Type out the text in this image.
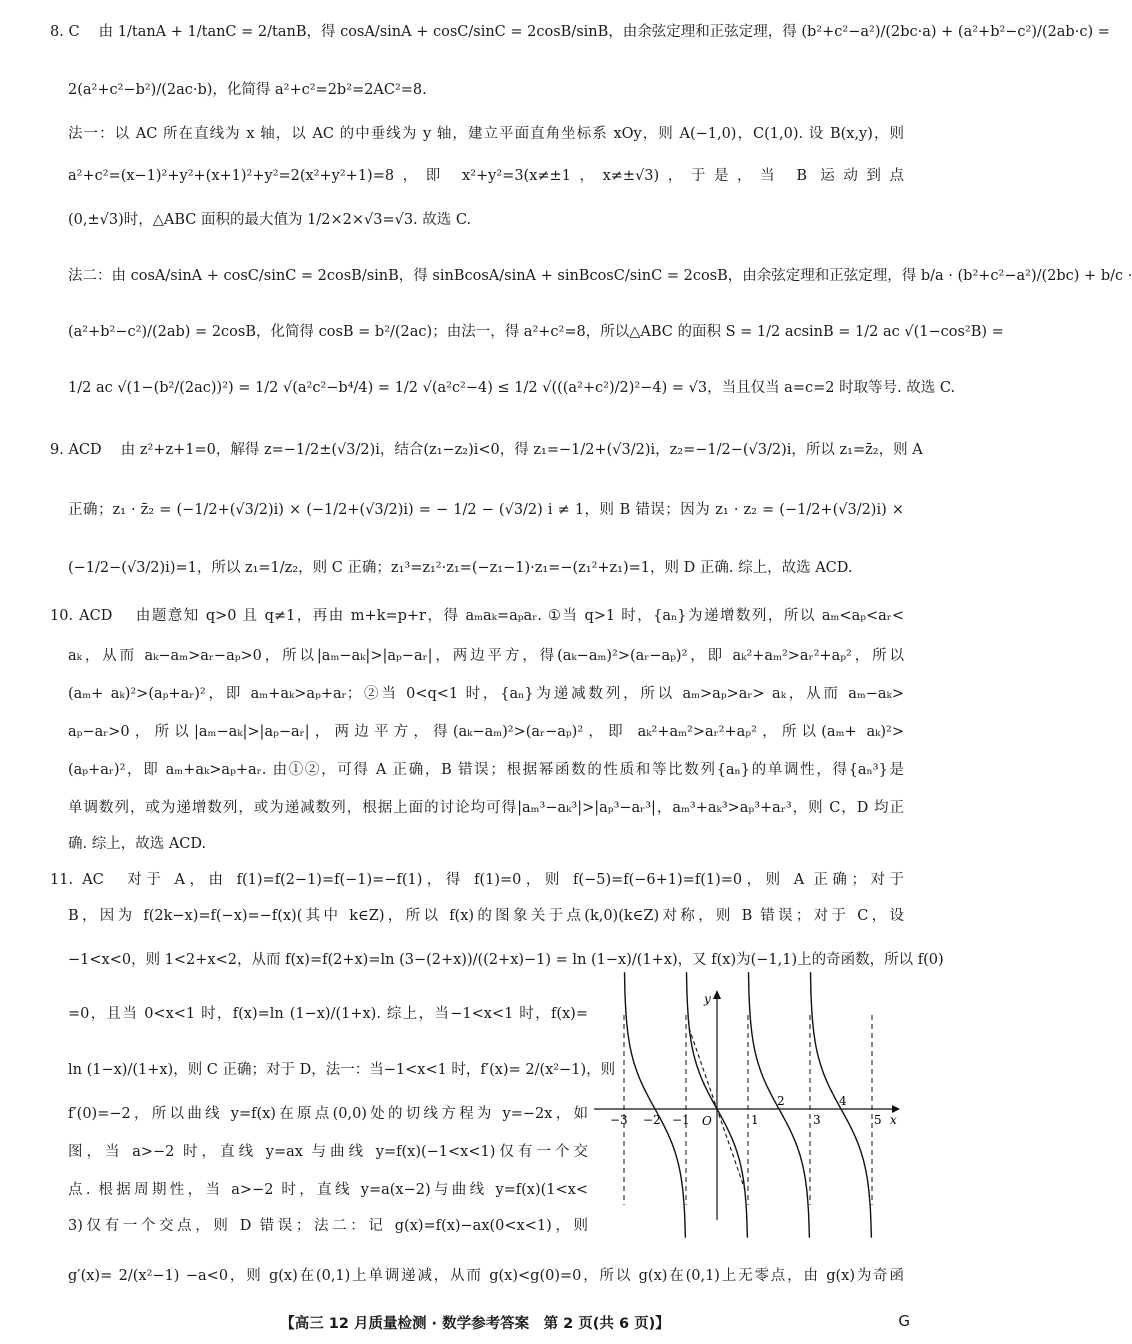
8. C　 由 1/tanA + 1/tanC = 2/tanB，得 cosA/sinA + cosC/sinC = 2cosB/sinB，由余弦定理和正弦定理，得 (b²+c²−a²)/(2bc·a) + (a²+b²−c²)/(2ab·c) =
2(a²+c²−b²)/(2ac·b)，化简得 a²+c²=2b²=2AC²=8.
法一：以 AC 所在直线为 x 轴，以 AC 的中垂线为 y 轴，建立平面直角坐标系 xOy，则 A(−1,0)，C(1,0). 设 B(x,y)，则
a²+c²=(x−1)²+y²+(x+1)²+y²=2(x²+y²+1)=8，即 x²+y²=3(x≠±1，x≠±√3)，于是，当 B 运动到点
(0,±√3)时，△ABC 面积的最大值为 1/2×2×√3=√3. 故选 C.
法二：由 cosA/sinA + cosC/sinC = 2cosB/sinB，得 sinBcosA/sinA + sinBcosC/sinC = 2cosB，由余弦定理和正弦定理，得 b/a · (b²+c²−a²)/(2bc) + b/c ·
(a²+b²−c²)/(2ab) = 2cosB，化简得 cosB = b²/(2ac)；由法一，得 a²+c²=8，所以△ABC 的面积 S = 1/2 acsinB = 1/2 ac √(1−cos²B) =
1/2 ac √(1−(b²/(2ac))²) = 1/2 √(a²c²−b⁴/4) = 1/2 √(a²c²−4) ≤ 1/2 √(((a²+c²)/2)²−4) = √3，当且仅当 a=c=2 时取等号. 故选 C.
9. ACD　 由 z²+z+1=0，解得 z=−1/2±(√3/2)i，结合(z₁−z₂)i<0，得 z₁=−1/2+(√3/2)i，z₂=−1/2−(√3/2)i，所以 z₁=z̄₂，则 A
正确；z₁ · z̄₂ = (−1/2+(√3/2)i) × (−1/2+(√3/2)i) = − 1/2 − (√3/2) i ≠ 1，则 B 错误；因为 z₁ · z₂ = (−1/2+(√3/2)i) ×
(−1/2−(√3/2)i)=1，所以 z₁=1/z₂，则 C 正确；z₁³=z₁²·z₁=(−z₁−1)·z₁=−(z₁²+z₁)=1，则 D 正确. 综上，故选 ACD.
10. ACD　 由题意知 q>0 且 q≠1，再由 m+k=p+r，得 aₘaₖ=aₚaᵣ. ①当 q>1 时，{aₙ}为递增数列，所以 aₘ<aₚ<aᵣ<
aₖ，从而 aₖ−aₘ>aᵣ−aₚ>0，所以|aₘ−aₖ|>|aₚ−aᵣ|，两边平方，得(aₖ−aₘ)²>(aᵣ−aₚ)²，即 aₖ²+aₘ²>aᵣ²+aₚ²，所以
(aₘ+ aₖ)²>(aₚ+aᵣ)²，即 aₘ+aₖ>aₚ+aᵣ；②当 0<q<1 时，{aₙ}为递减数列，所以 aₘ>aₚ>aᵣ> aₖ，从而 aₘ−aₖ>
aₚ−aᵣ>0，所以|aₘ−aₖ|>|aₚ−aᵣ|，两边平方，得(aₖ−aₘ)²>(aᵣ−aₚ)²，即 aₖ²+aₘ²>aᵣ²+aₚ²，所以(aₘ+ aₖ)²>
(aₚ+aᵣ)²，即 aₘ+aₖ>aₚ+aᵣ. 由①②，可得 A 正确，B 错误；根据幂函数的性质和等比数列{aₙ}的单调性，得{aₙ³}是
单调数列，或为递增数列，或为递减数列，根据上面的讨论均可得|aₘ³−aₖ³|>|aₚ³−aᵣ³|，aₘ³+aₖ³>aₚ³+aᵣ³，则 C，D 均正
确. 综上，故选 ACD.
11. AC　对于 A，由 f(1)=f(2−1)=f(−1)=−f(1)，得 f(1)=0，则 f(−5)=f(−6+1)=f(1)=0，则 A 正确；对于
B，因为 f(2k−x)=f(−x)=−f(x)(其中 k∈Z)，所以 f(x)的图象关于点(k,0)(k∈Z)对称，则 B 错误；对于 C，设
−1<x<0，则 1<2+x<2，从而 f(x)=f(2+x)=ln (3−(2+x))/((2+x)−1) = ln (1−x)/(1+x)，又 f(x)为(−1,1)上的奇函数，所以 f(0)
=0，且当 0<x<1 时，f(x)=ln (1−x)/(1+x). 综上，当−1<x<1 时，f(x)=
ln (1−x)/(1+x)，则 C 正确；对于 D，法一：当−1<x<1 时，f′(x)= 2/(x²−1)，则
f′(0)=−2，所以曲线 y=f(x)在原点(0,0)处的切线方程为 y=−2x，如
图，当 a>−2 时，直线 y=ax 与曲线 y=f(x)(−1<x<1)仅有一个交
点. 根据周期性，当 a>−2 时，直线 y=a(x−2)与曲线 y=f(x)(1<x<
3)仅有一个交点，则 D 错误；法二：记 g(x)=f(x)−ax(0<x<1)，则
g′(x)= 2/(x²−1) −a<0，则 g(x)在(0,1)上单调递减，从而 g(x)<g(0)=0，所以 g(x)在(0,1)上无零点，由 g(x)为奇函
x
y
O
−3 −2 −1	1
2
3
4
5
【高三 12 月质量检测 · 数学参考答案　第 2 页(共 6 页)】	G
